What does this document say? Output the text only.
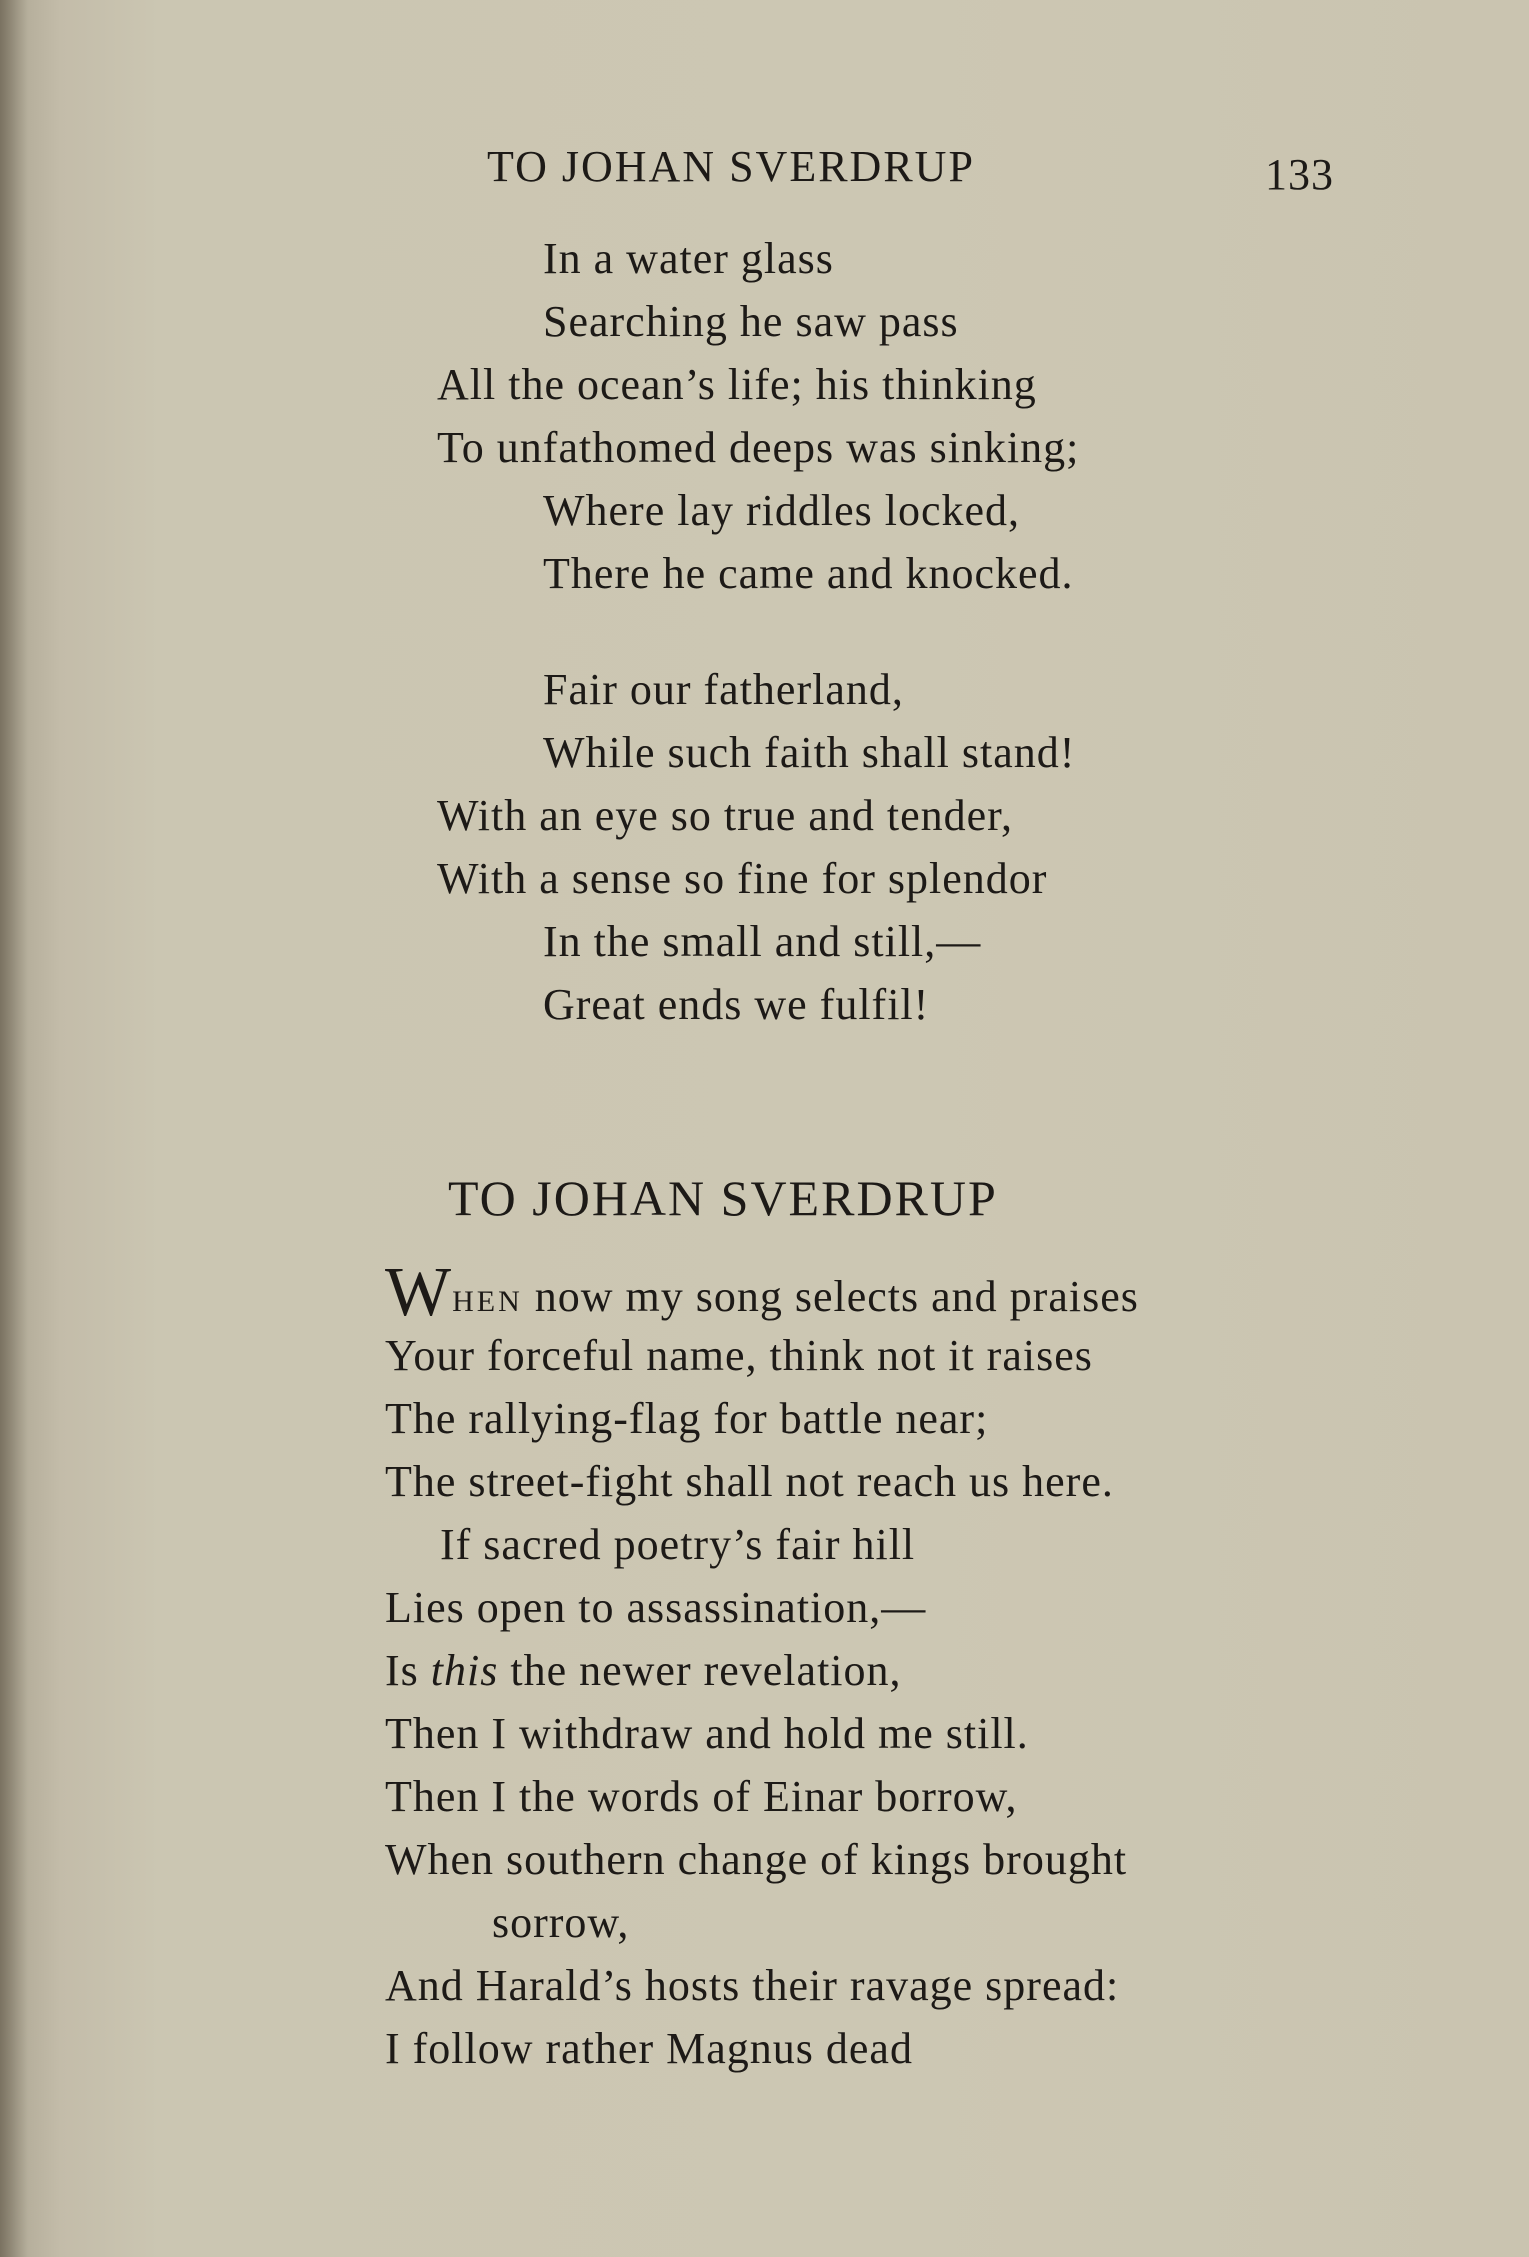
TO JOHAN SVERDRUP	133
In a water glass
Searching he saw pass
All the ocean’s life; his thinking
To unfathomed deeps was sinking;
Where lay riddles locked,
There he came and knocked.
Fair our fatherland,
While such faith shall stand!
With an eye so true and tender,
With a sense so fine for splendor
In the small and still,—
Great ends we fulfil!
TO JOHAN SVERDRUP
WHEN now my song selects and praises
Your forceful name, think not it raises
The rallying-flag for battle near;
The street-fight shall not reach us here.
If sacred poetry’s fair hill
Lies open to assassination,—
Is this the newer revelation,
Then I withdraw and hold me still.
Then I the words of Einar borrow,
When southern change of kings brought
sorrow,
And Harald’s hosts their ravage spread:
I follow rather Magnus dead
